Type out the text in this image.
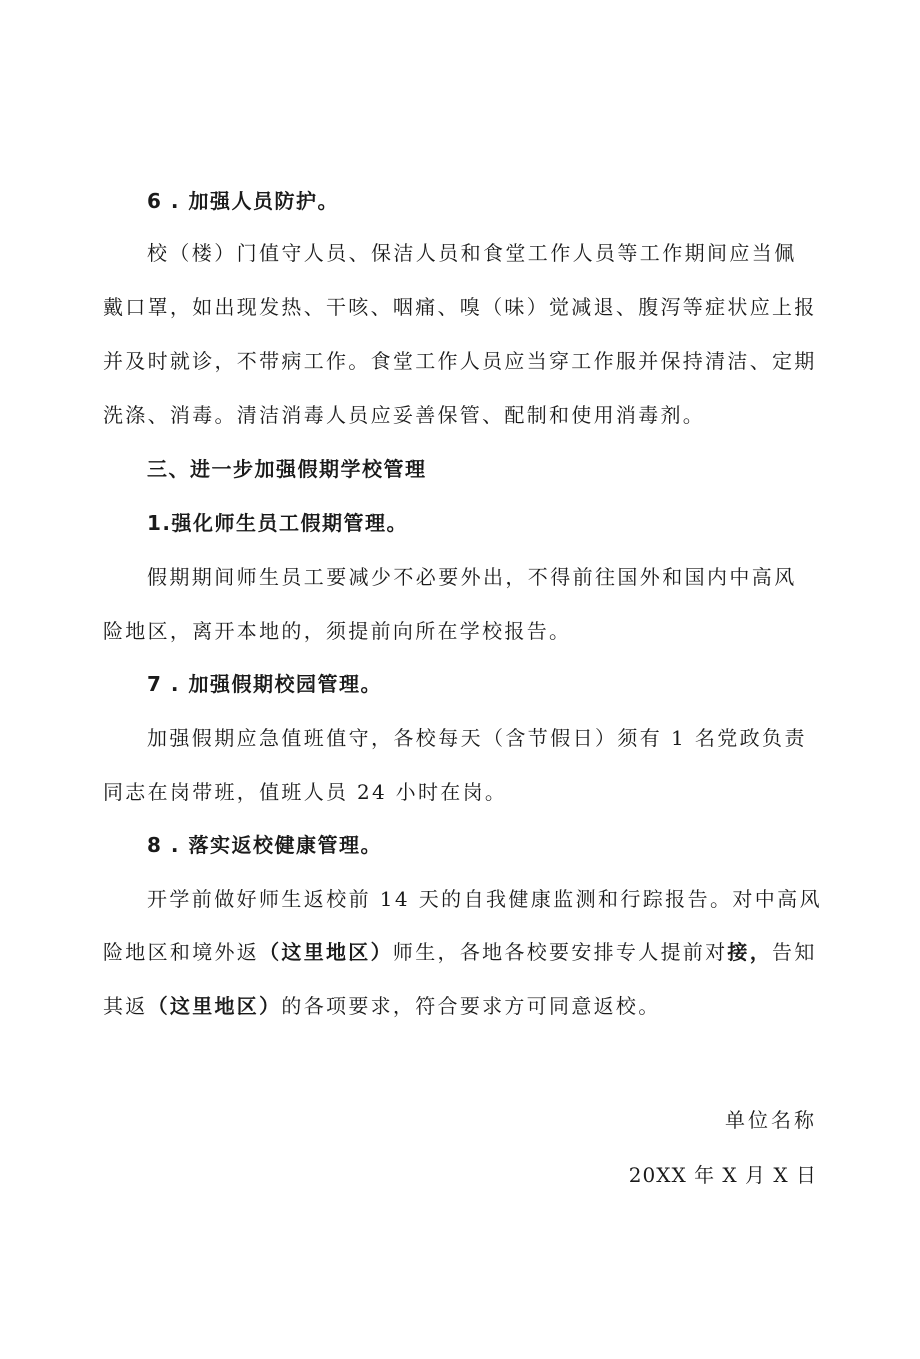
6 . 加强人员防护。
校（楼）门值守人员、保洁人员和食堂工作人员等工作期间应当佩
戴口罩，如出现发热、干咳、咽痛、嗅（味）觉减退、腹泻等症状应上报
并及时就诊，不带病工作。食堂工作人员应当穿工作服并保持清洁、定期
洗涤、消毒。清洁消毒人员应妥善保管、配制和使用消毒剂。
三、进一步加强假期学校管理
1.强化师生员工假期管理。
假期期间师生员工要减少不必要外出，不得前往国外和国内中高风
险地区，离开本地的，须提前向所在学校报告。
7 . 加强假期校园管理。
加强假期应急值班值守，各校每天（含节假日）须有 1 名党政负责
同志在岗带班，值班人员 24 小时在岗。
8 . 落实返校健康管理。
开学前做好师生返校前 14 天的自我健康监测和行踪报告。对中高风
险地区和境外返（这里地区）师生，各地各校要安排专人提前对接，告知
其返（这里地区）的各项要求，符合要求方可同意返校。
单位名称
20XX 年 X 月 X 日
